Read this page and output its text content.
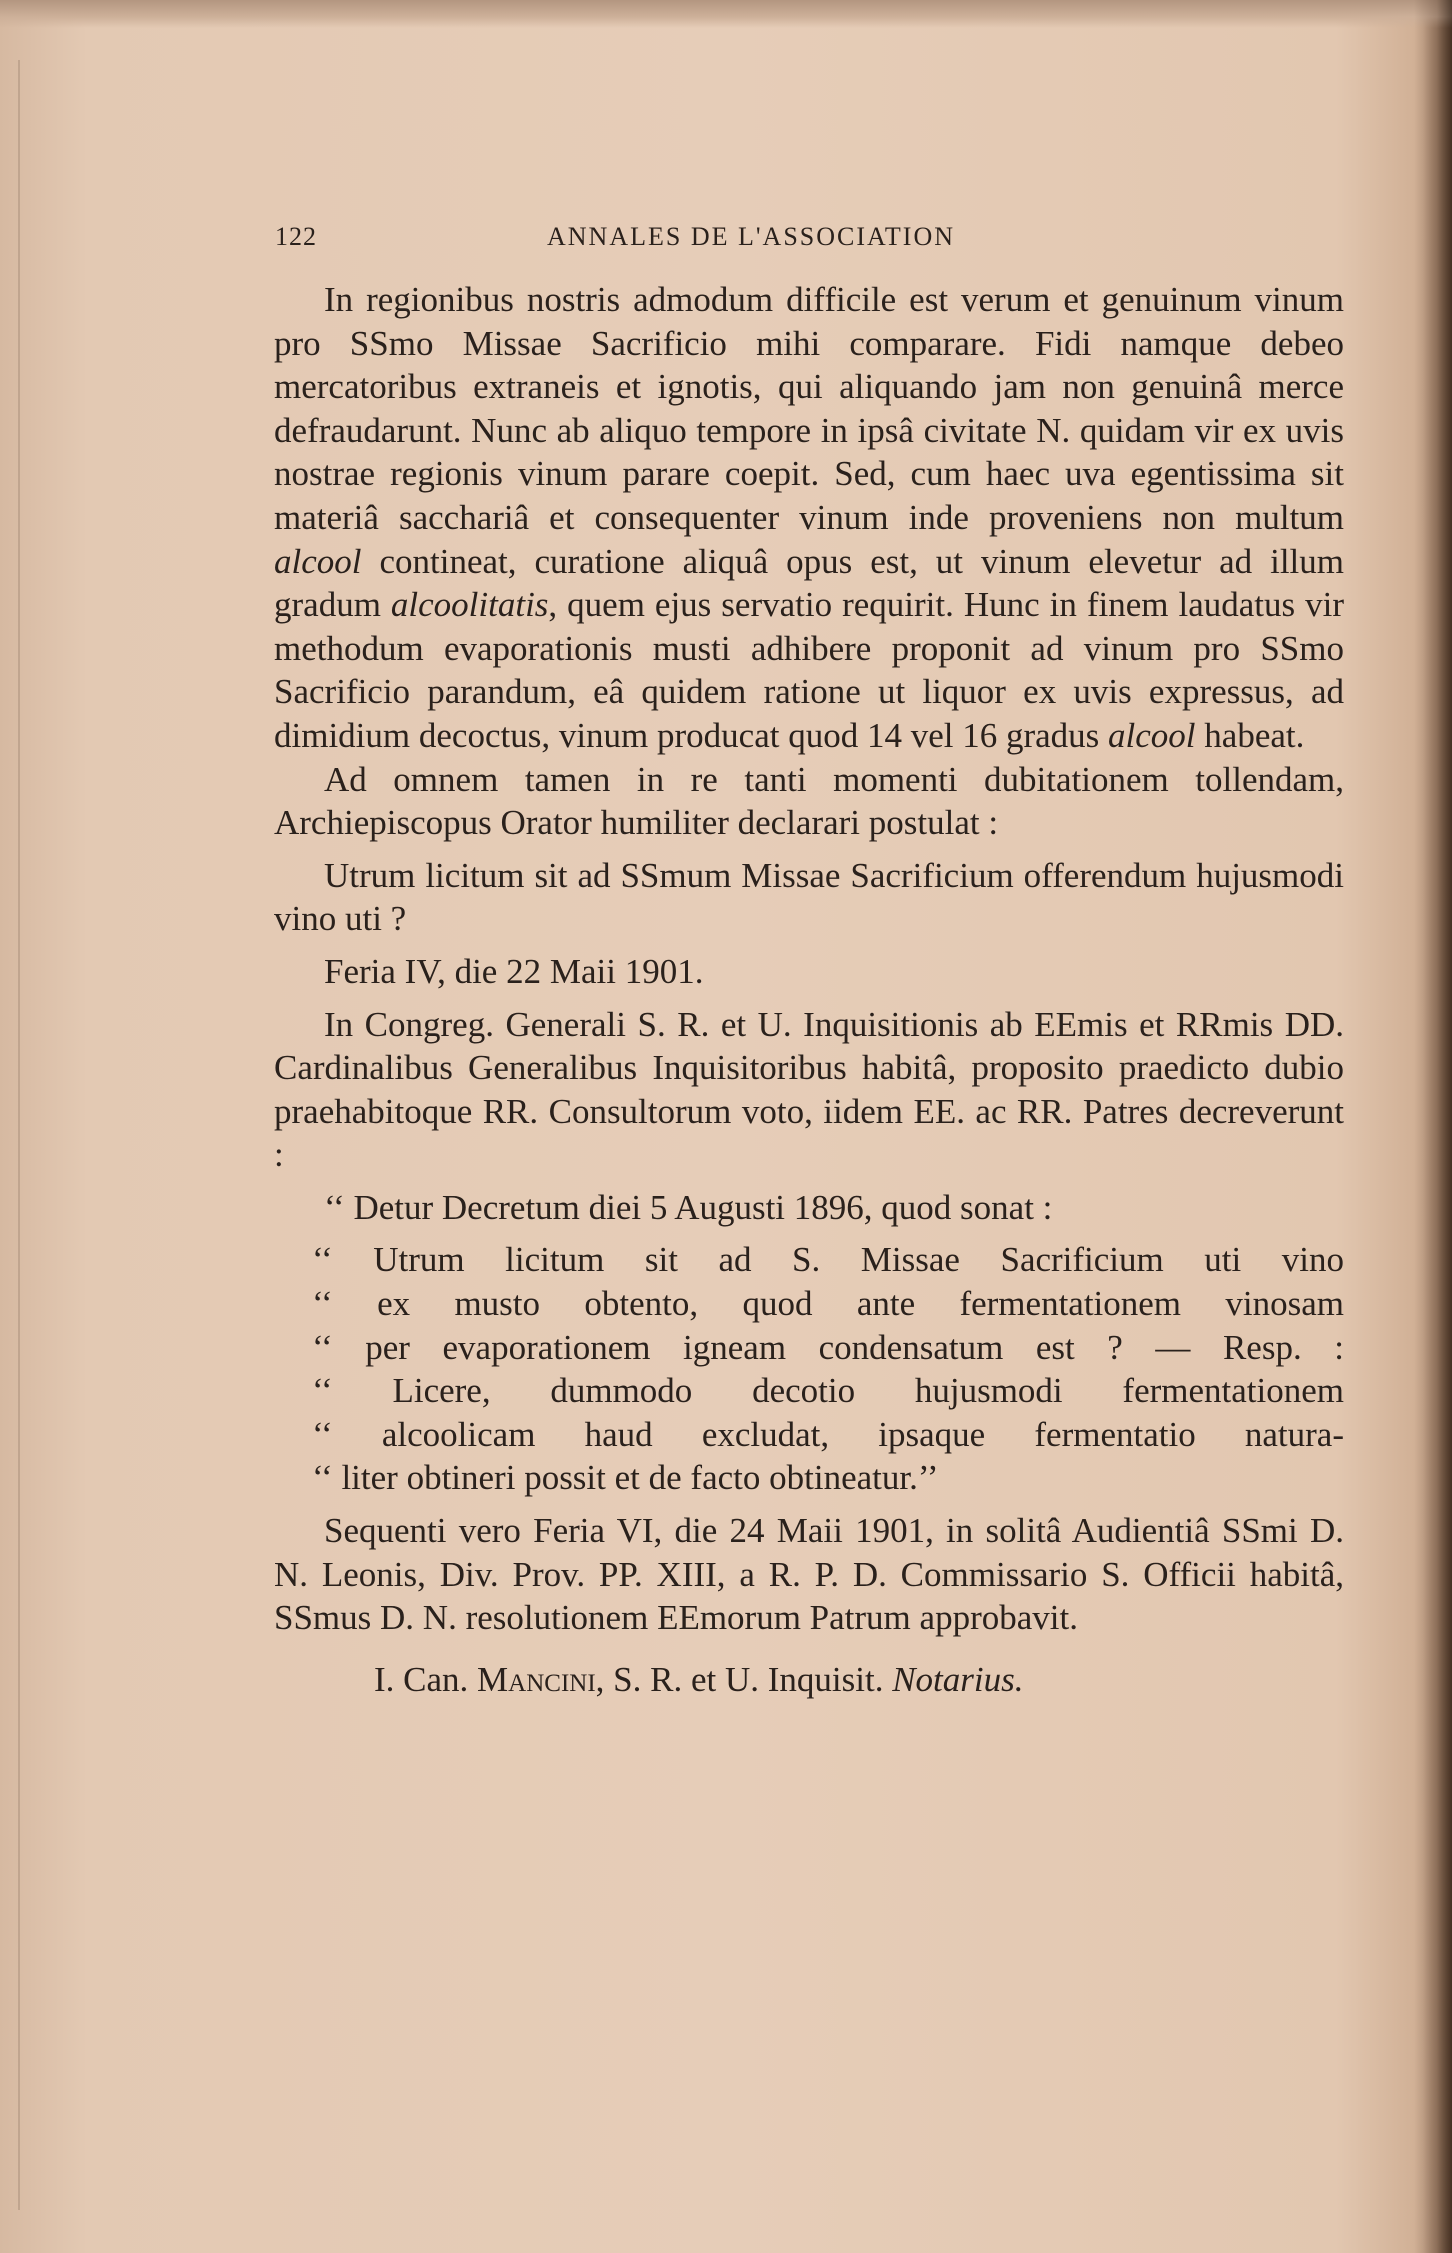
122	ANNALES DE L'ASSOCIATION

In regionibus nostris admodum difficile est verum et genuinum vinum pro SSmo Missae Sacrificio mihi comparare. Fidi namque debeo mercatoribus extraneis et ignotis, qui aliquando jam non genuinâ merce defraudarunt. Nunc ab aliquo tempore in ipsâ civitate N. quidam vir ex uvis nostrae regionis vinum parare coepit. Sed, cum haec uva egentissima sit materiâ sacchariâ et consequenter vinum inde proveniens non multum alcool contineat, curatione aliquâ opus est, ut vinum elevetur ad illum gradum alcoolitatis, quem ejus servatio requirit. Hunc in finem laudatus vir methodum evaporationis musti adhibere proponit ad vinum pro SSmo Sacrificio parandum, eâ quidem ratione ut liquor ex uvis expressus, ad dimidium decoctus, vinum producat quod 14 vel 16 gradus alcool habeat.

Ad omnem tamen in re tanti momenti dubitationem tollendam, Archiepiscopus Orator humiliter declarari postulat :

Utrum licitum sit ad SSmum Missae Sacrificium offerendum hujusmodi vino uti ?

Feria IV, die 22 Maii 1901.

In Congreg. Generali S. R. et U. Inquisitionis ab EEmis et RRmis DD. Cardinalibus Generalibus Inquisitoribus habitâ, proposito praedicto dubio praehabitoque RR. Consultorum voto, iidem EE. ac RR. Patres decreverunt :

‘‘ Detur Decretum diei 5 Augusti 1896, quod sonat :

‘‘ Utrum licitum sit ad S. Missae Sacrificium uti vino
‘‘ ex musto obtento, quod ante fermentationem vinosam
‘‘ per evaporationem igneam condensatum est ? — Resp. :
‘‘ Licere, dummodo decotio hujusmodi fermentationem
‘‘ alcoolicam haud excludat, ipsaque fermentatio natura-
‘‘ liter obtineri possit et de facto obtineatur.’’

Sequenti vero Feria VI, die 24 Maii 1901, in solitâ Audientiâ SSmi D. N. Leonis, Div. Prov. PP. XIII, a R. P. D. Commissario S. Officii habitâ, SSmus D. N. resolutionem EEmorum Patrum approbavit.

I. Can. Mancini, S. R. et U. Inquisit. Notarius.
